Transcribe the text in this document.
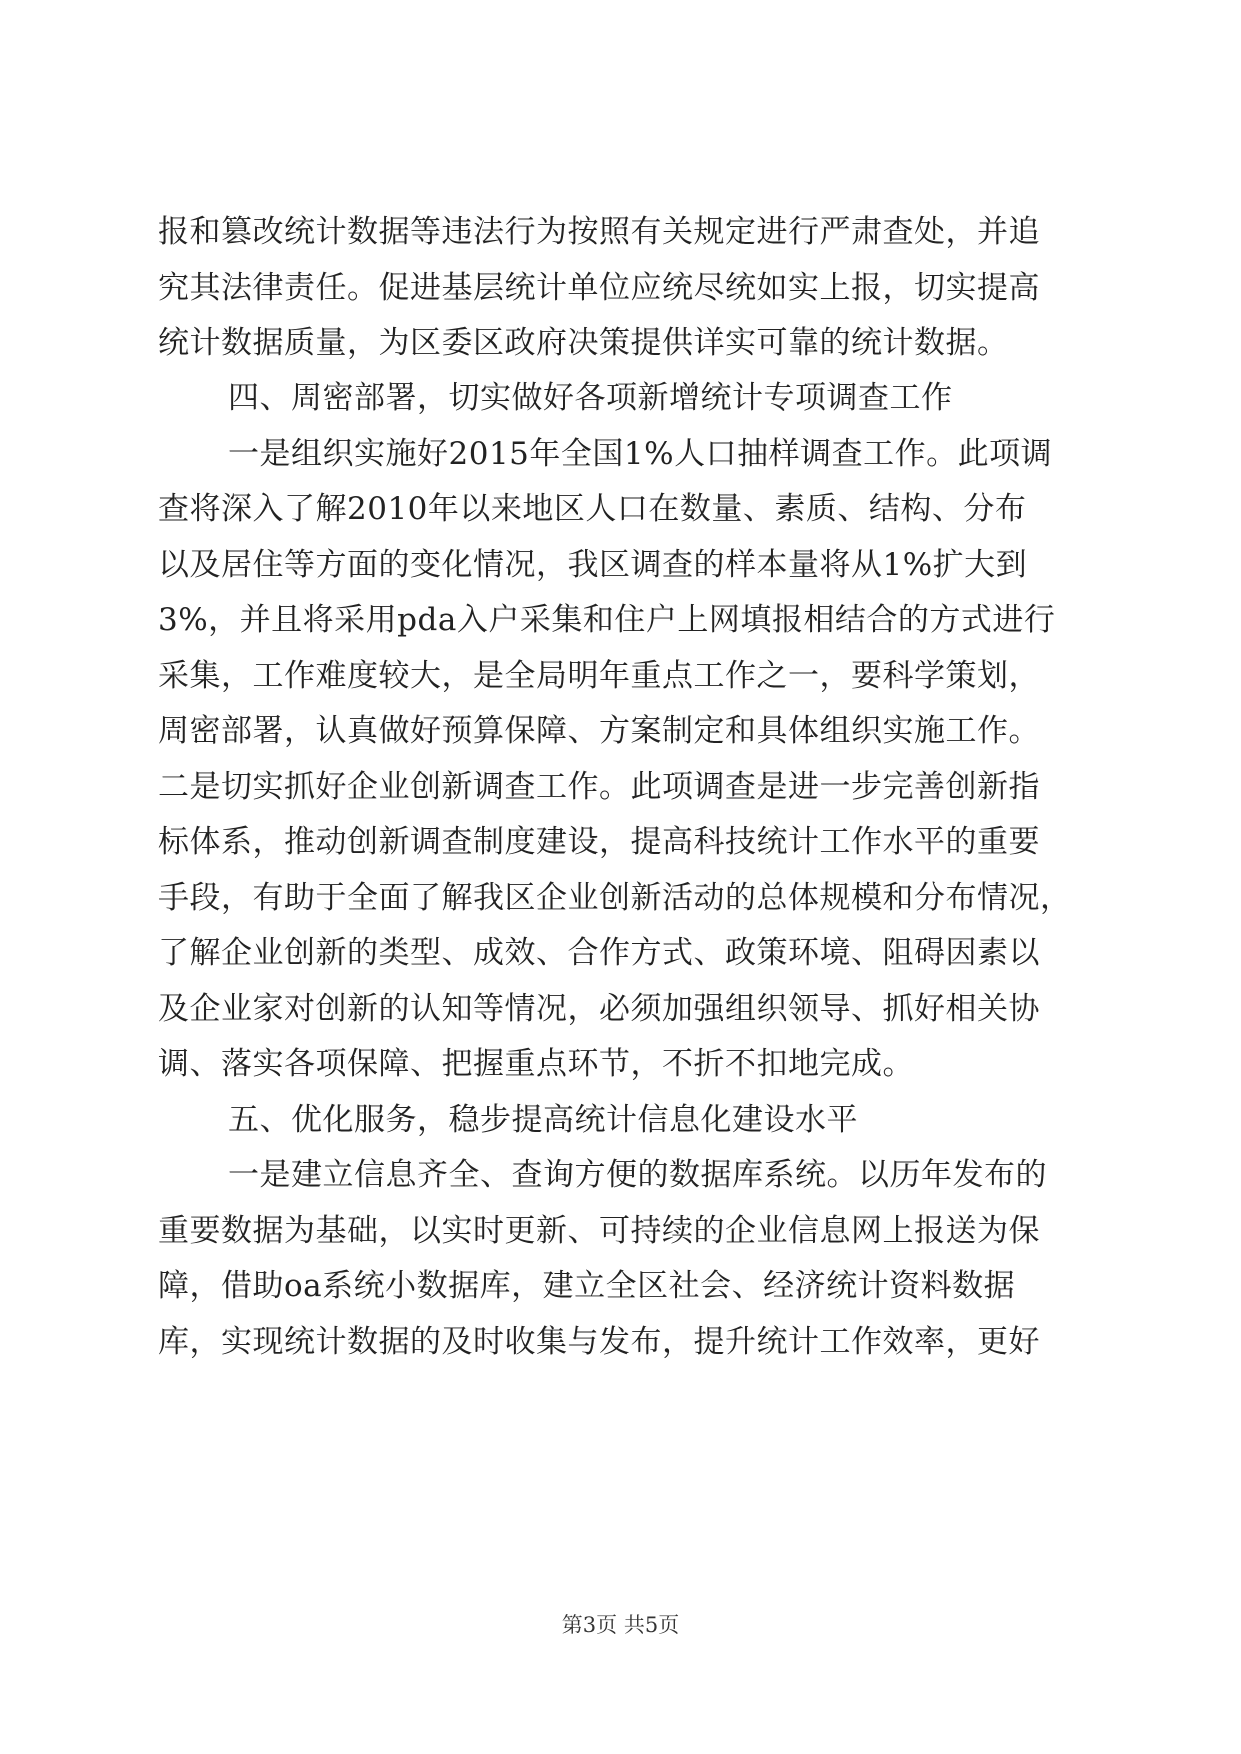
报和篡改统计数据等违法行为按照有关规定进行严肃查处，并追
究其法律责任。促进基层统计单位应统尽统如实上报，切实提高
统计数据质量，为区委区政府决策提供详实可靠的统计数据。
四、周密部署，切实做好各项新增统计专项调查工作
一是组织实施好2015年全国1%人口抽样调查工作。此项调
查将深入了解2010年以来地区人口在数量、素质、结构、分布
以及居住等方面的变化情况，我区调查的样本量将从1%扩大到
3%，并且将采用pda入户采集和住户上网填报相结合的方式进行
采集，工作难度较大，是全局明年重点工作之一，要科学策划，
周密部署，认真做好预算保障、方案制定和具体组织实施工作。
二是切实抓好企业创新调查工作。此项调查是进一步完善创新指
标体系，推动创新调查制度建设，提高科技统计工作水平的重要
手段，有助于全面了解我区企业创新活动的总体规模和分布情况，
了解企业创新的类型、成效、合作方式、政策环境、阻碍因素以
及企业家对创新的认知等情况，必须加强组织领导、抓好相关协
调、落实各项保障、把握重点环节，不折不扣地完成。
五、优化服务，稳步提高统计信息化建设水平
一是建立信息齐全、查询方便的数据库系统。以历年发布的
重要数据为基础，以实时更新、可持续的企业信息网上报送为保
障，借助oa系统小数据库，建立全区社会、经济统计资料数据
库，实现统计数据的及时收集与发布，提升统计工作效率，更好
第3页 共5页
